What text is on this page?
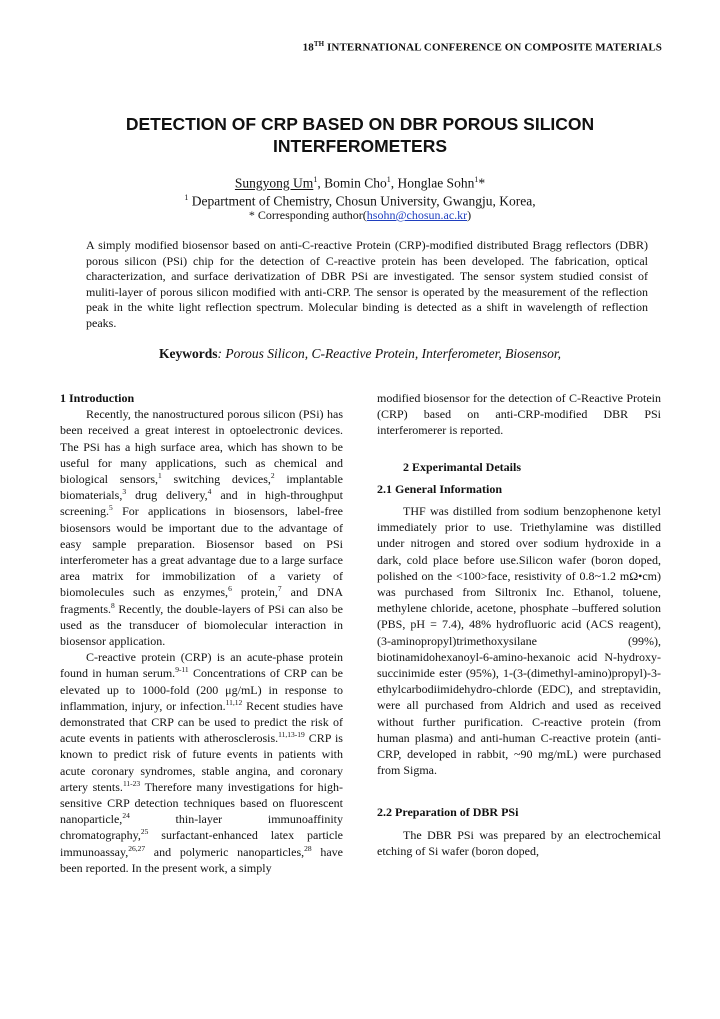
18TH INTERNATIONAL CONFERENCE ON COMPOSITE MATERIALS
DETECTION OF CRP BASED ON DBR POROUS SILICON
INTERFEROMETERS
Sungyong Um$^1$, Bomin Cho$^1$, Honglae Sohn$^1$*
$^1$ Department of Chemistry, Chosun University, Gwangju, Korea,
* Corresponding author(hsohn@chosun.ac.kr)
A simply modified biosensor based on anti-C-reactive Protein (CRP)-modified distributed Bragg reflectors (DBR) porous silicon (PSi) chip for the detection of C-reactive protein has been developed. The fabrication, optical characterization, and surface derivatization of DBR PSi are investigated. The sensor system studied consist of muliti-layer of porous silicon modified with anti-CRP. The sensor is operated by the measurement of the reflection peak in the white light reflection spectrum. Molecular binding is detected as a shift in wavelength of reflection peaks.
Keywords: Porous Silicon, C-Reactive Protein, Interferometer, Biosensor,

1 Introduction

Recently, the nanostructured porous silicon (PSi) has been received a great interest in optoelectronic devices. The PSi has a high surface area, which has shown to be useful for many applications, such as chemical and biological sensors,$^1$ switching devices,$^2$ implantable biomaterials,$^3$ drug delivery,$^4$ and in high-throughput screening.$^5$ For applications in biosensors, label-free biosensors would be important due to the advantage of easy sample preparation. Biosensor based on PSi interferometer has a great advantage due to a large surface area matrix for immobilization of a variety of biomolecules such as enzymes,$^6$ protein,$^7$ and DNA fragments.$^8$ Recently, the double-layers of PSi can also be used as the transducer of biomolecular interaction in biosensor application.

C-reactive protein (CRP) is an acute-phase protein found in human serum.$^{9-11}$ Concentrations of CRP can be elevated up to 1000-fold (200 μg/mL) in response to inflammation, injury, or infection.$^{11,12}$ Recent studies have demonstrated that CRP can be used to predict the risk of acute events in patients with atherosclerosis.$^{11,13-19}$ CRP is known to predict risk of future events in patients with acute coronary syndromes, stable angina, and coronary artery stents.$^{11-23}$ Therefore many investigations for high-sensitive CRP detection techniques based on fluorescent nanoparticle,$^{24}$ thin-layer immunoaffinity chromatography,$^{25}$ surfactant-enhanced latex particle immunoassay,$^{26,27}$ and polymeric nanoparticles,$^{28}$ have been reported. In the present work, a simply

modified biosensor for the detection of C-Reactive Protein (CRP) based on anti-CRP-modified DBR PSi interferomerer is reported.

2 Experimantal Details

2.1 General Information

THF was distilled from sodium benzophenone ketyl immediately prior to use. Triethylamine was distilled under nitrogen and stored over sodium hydroxide in a dark, cold place before use.Silicon wafer (boron doped, polished on the <100>face, resistivity of 0.8~1.2 mΩ•cm) was purchased from Siltronix Inc. Ethanol, toluene, methylene chloride, acetone, phosphate –buffered solution (PBS, pH = 7.4), 48% hydrofluoric acid (ACS reagent), (3-aminopropyl)trimethoxysilane (99%), biotinamidohexanoyl-6-amino-hexanoic acid N-hydroxy-succinimide ester (95%), 1-(3-(dimethyl-amino)propyl)-3-ethylcarbodiimidehydro-chlorde (EDC), and streptavidin, were all purchased from Aldrich and used as received without further purification. C-reactive protein (from human plasma) and anti-human C-reactive protein (anti-CRP, developed in rabbit, ~90 mg/mL) were purchased from Sigma.

2.2 Preparation of DBR PSi

The DBR PSi was prepared by an electrochemical etching of Si wafer (boron doped,
